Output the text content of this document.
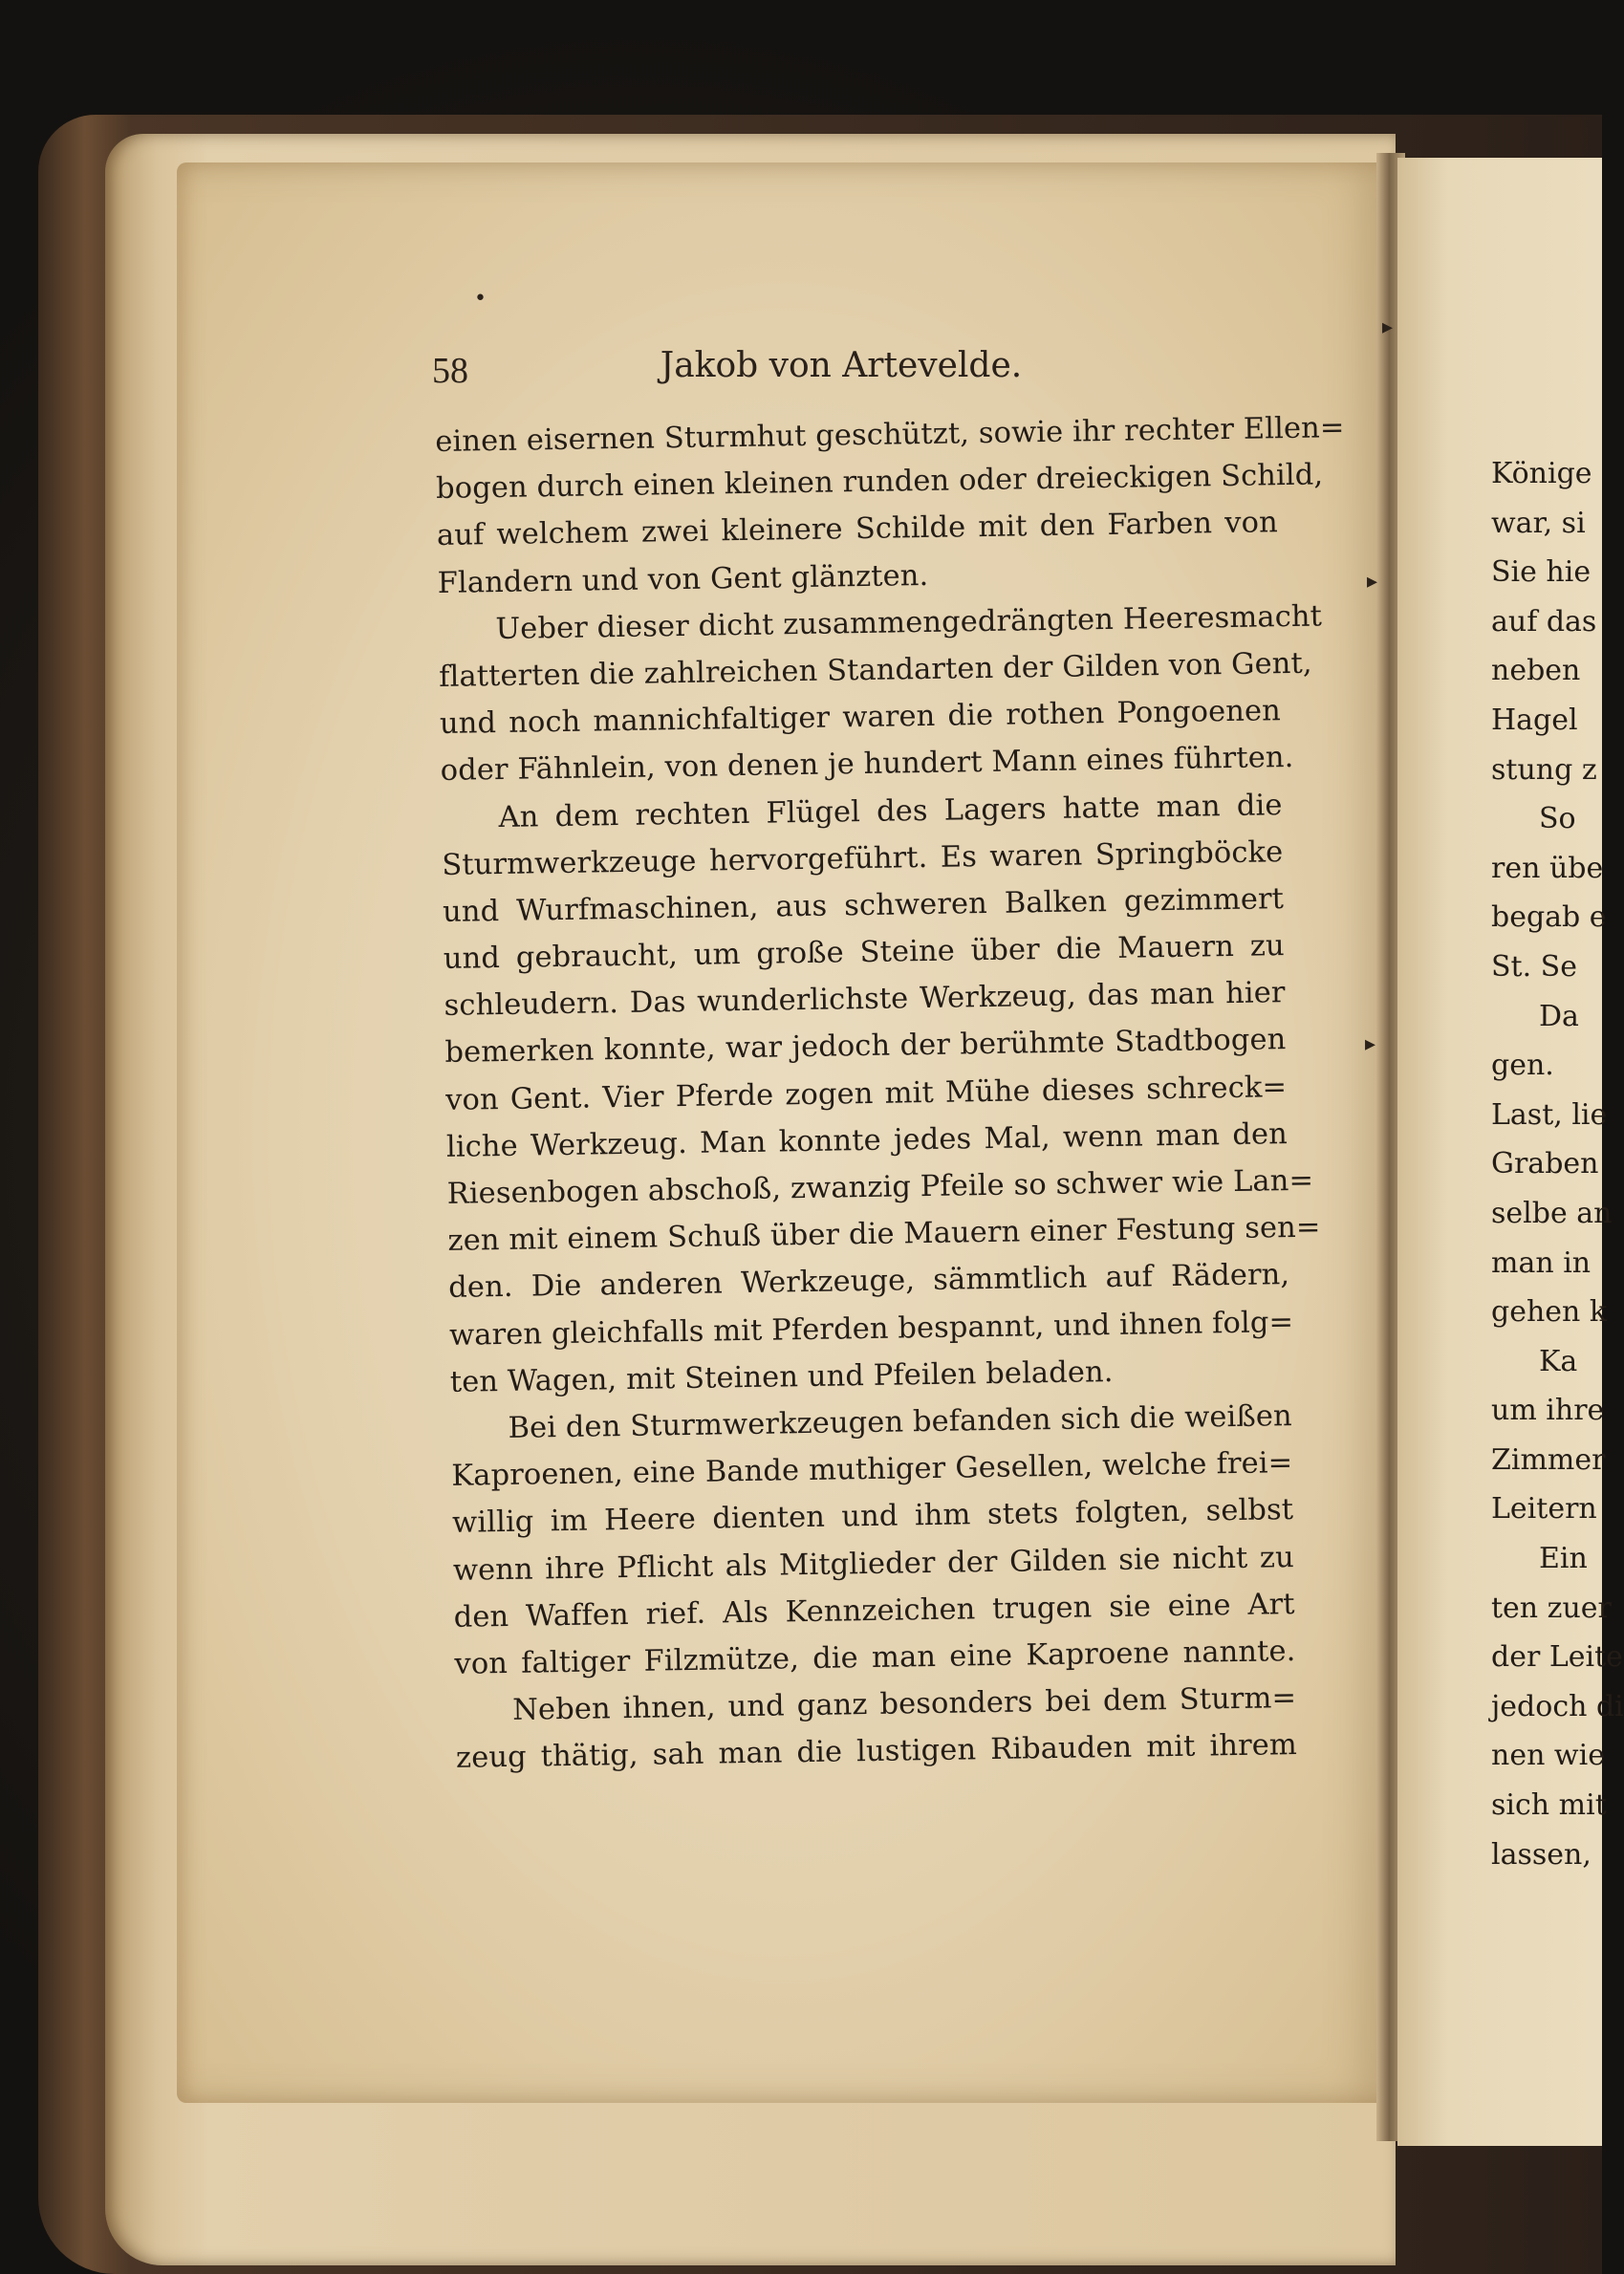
•
▸
▸
▸
58	Jakob von Artevelde.
einen eisernen Sturmhut geschützt, sowie ihr rechter Ellen=
bogen durch einen kleinen runden oder dreieckigen Schild,
auf welchem zwei kleinere Schilde mit den Farben von
Flandern und von Gent glänzten.
Ueber dieser dicht zusammengedrängten Heeresmacht
flatterten die zahlreichen Standarten der Gilden von Gent,
und noch mannichfaltiger waren die rothen Pongoenen
oder Fähnlein, von denen je hundert Mann eines führten.
An dem rechten Flügel des Lagers hatte man die
Sturmwerkzeuge hervorgeführt. Es waren Springböcke
und Wurfmaschinen, aus schweren Balken gezimmert
und gebraucht, um große Steine über die Mauern zu
schleudern. Das wunderlichste Werkzeug, das man hier
bemerken konnte, war jedoch der berühmte Stadtbogen
von Gent. Vier Pferde zogen mit Mühe dieses schreck=
liche Werkzeug. Man konnte jedes Mal, wenn man den
Riesenbogen abschoß, zwanzig Pfeile so schwer wie Lan=
zen mit einem Schuß über die Mauern einer Festung sen=
den. Die anderen Werkzeuge, sämmtlich auf Rädern,
waren gleichfalls mit Pferden bespannt, und ihnen folg=
ten Wagen, mit Steinen und Pfeilen beladen.
Bei den Sturmwerkzeugen befanden sich die weißen
Kaproenen, eine Bande muthiger Gesellen, welche frei=
willig im Heere dienten und ihm stets folgten, selbst
wenn ihre Pflicht als Mitglieder der Gilden sie nicht zu
den Waffen rief. Als Kennzeichen trugen sie eine Art
von faltiger Filzmütze, die man eine Kaproene nannte.
Neben ihnen, und ganz besonders bei dem Sturm=
zeug thätig, sah man die lustigen Ribauden mit ihrem
Könige
war, si
Sie hie
auf das
neben
Hagel
stung z
So
ren übe
begab e
St. Se
Da
gen.
Last, lie
Graben
selbe an
man in
gehen k
Ka
um ihre
Zimmer
Leitern
Ein
ten zuer
der Leite
jedoch di
nen wie
sich mit
lassen,
